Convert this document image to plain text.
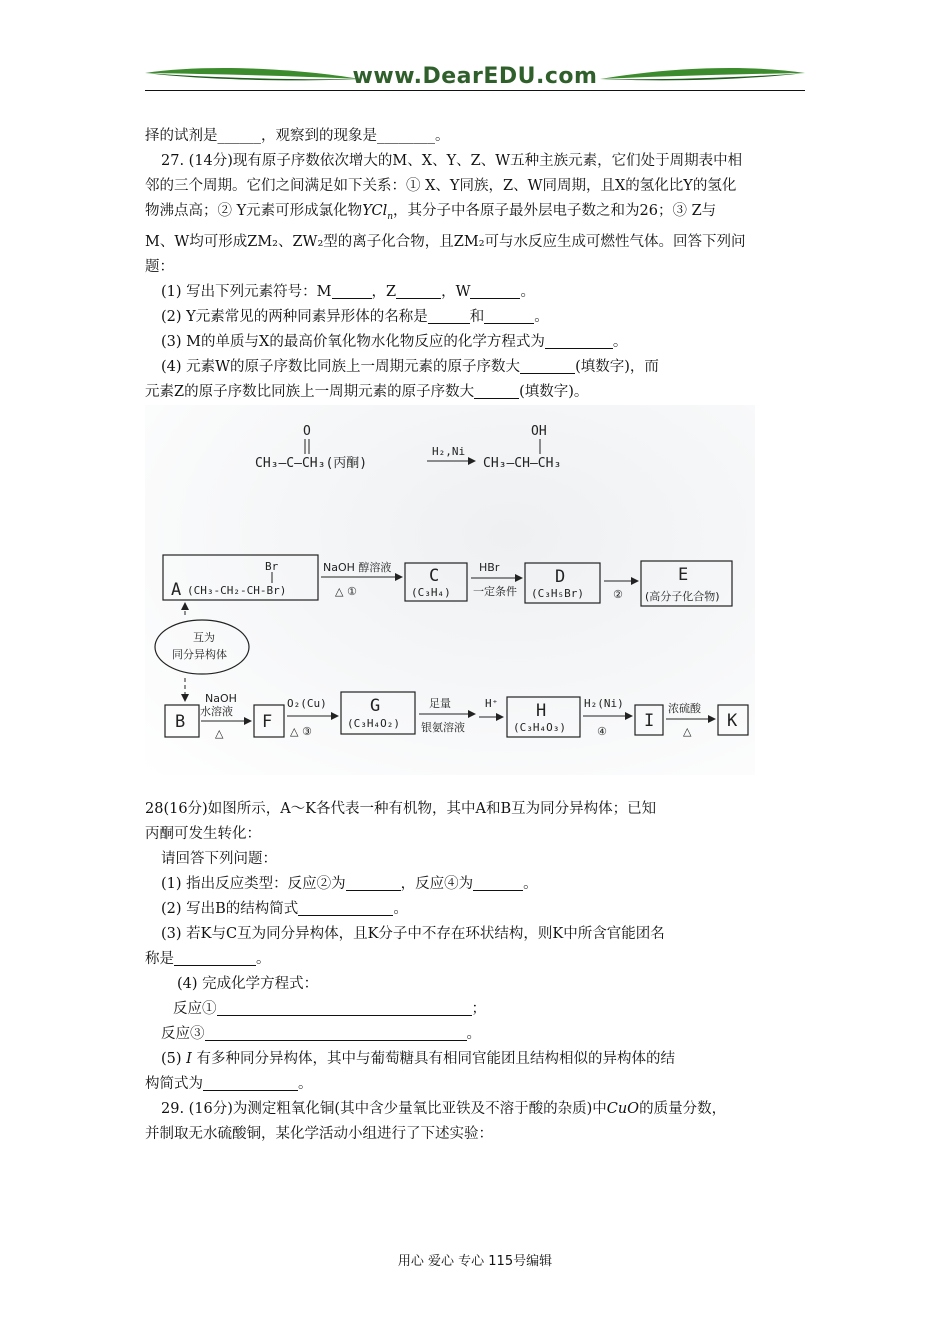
www.DearEDU.com

择的试剂是______，观察到的现象是________。

27. (14分)现有原子序数依次增大的M、X、Y、Z、W五种主族元素，它们处于周期表中相

邻的三个周期。它们之间满足如下关系：① X、Y同族，Z、W同周期，且X的氢化比Y的氢化

物沸点高；② Y元素可形成氯化物YCl$_n$，其分子中各原子最外层电子数之和为26；③ Z与

M、W均可形成ZM₂、ZW₂型的离子化合物，且ZM₂可与水反应生成可燃性气体。回答下列问

题：

(1) 写出下列元素符号：M	，Z	，W	。

(2) Y元素常见的两种同素异形体的名称是	和	。

(3) M的单质与X的最高价氧化物水化物反应的化学方程式为	。

(4) 元素W的原子序数比同族上一周期元素的原子序数大	(填数字)，而

元素Z的原子序数比同族上一周期元素的原子序数大	(填数字)。

O
CH₃—C—CH₃(丙酮)
H₂,Ni
OH
CH₃—CH—CH₃
Br
A (CH₃-CH₂-CH-Br)
NaOH 醇溶液
△ ①
C
(C₃H₄)
HBr
一定条件
D
(C₃H₅Br)	②
E
(高分子化合物)
互为
同分异构体
B
NaOH
水溶液
△
F
O₂(Cu)
△ ③
G
(C₃H₄O₂)
足量
银氨溶液
H⁺ H
(C₃H₄O₃)
H₂(Ni)
④
I
浓硫酸
△
K

28(16分)如图所示，A～K各代表一种有机物，其中A和B互为同分异构体；已知

丙酮可发生转化：

请回答下列问题：

(1) 指出反应类型：反应②为	，反应④为	。

(2) 写出B的结构简式	。

(3) 若K与C互为同分异构体，且K分子中不存在环状结构，则K中所含官能团名

称是	。

(4) 完成化学方程式：

反应①	；

反应③	。

(5) I 有多种同分异构体，其中与葡萄糖具有相同官能团且结构相似的异构体的结

构简式为	。

29. (16分)为测定粗氧化铜(其中含少量氧比亚铁及不溶于酸的杂质)中CuO的质量分数，

并制取无水硫酸铜，某化学活动小组进行了下述实验：

用心 爱心 专心 115号编辑
